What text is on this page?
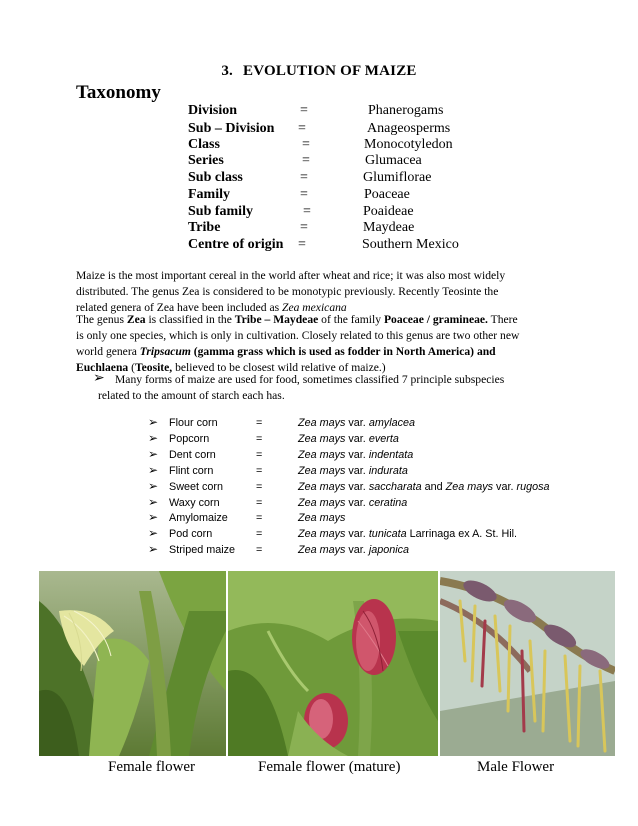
3. EVOLUTION OF MAIZE
Taxonomy
Division	=	Phanerogams
Sub – Division =	Anageosperms
Class	=	Monocotyledon
Series	=	Glumacea
Sub class	=	Glumiflorae
Family	=	Poaceae
Sub family	=	Poaideae
Tribe	=	Maydeae
Centre of origin =	Southern Mexico

Maize is the most important cereal in the world after wheat and rice; it was also most widely

distributed. The genus Zea is considered to be monotypic previously. Recently Teosinte the

related genera of Zea have been included as Zea mexicana

The genus Zea is classified in the Tribe – Maydeae of the family Poaceae / gramineae. There

is only one species, which is only in cultivation. Closely related to this genus are two other new

world genera Tripsacum (gamma grass which is used as fodder in North America) and

Euchlaena (Teosite, believed to be closest wild relative of maize.)

➢ Many forms of maize are used for food, sometimes classified 7 principle subspecies
related to the amount of starch each has.
➢ Flour corn	=	Zea mays var. amylacea
➢ Popcorn	=	Zea mays var. everta
➢ Dent corn	=	Zea mays var. indentata
➢ Flint corn	=	Zea mays var. indurata
➢ Sweet corn	=	Zea mays var. saccharata and Zea mays var. rugosa
➢ Waxy corn	=	Zea mays var. ceratina
➢ Amylomaize	=	Zea mays
➢ Pod corn	=	Zea mays var. tunicata Larrinaga ex A. St. Hil.
➢ Striped maize =	Zea mays var. japonica
Female flower	Female flower (mature)	Male Flower
